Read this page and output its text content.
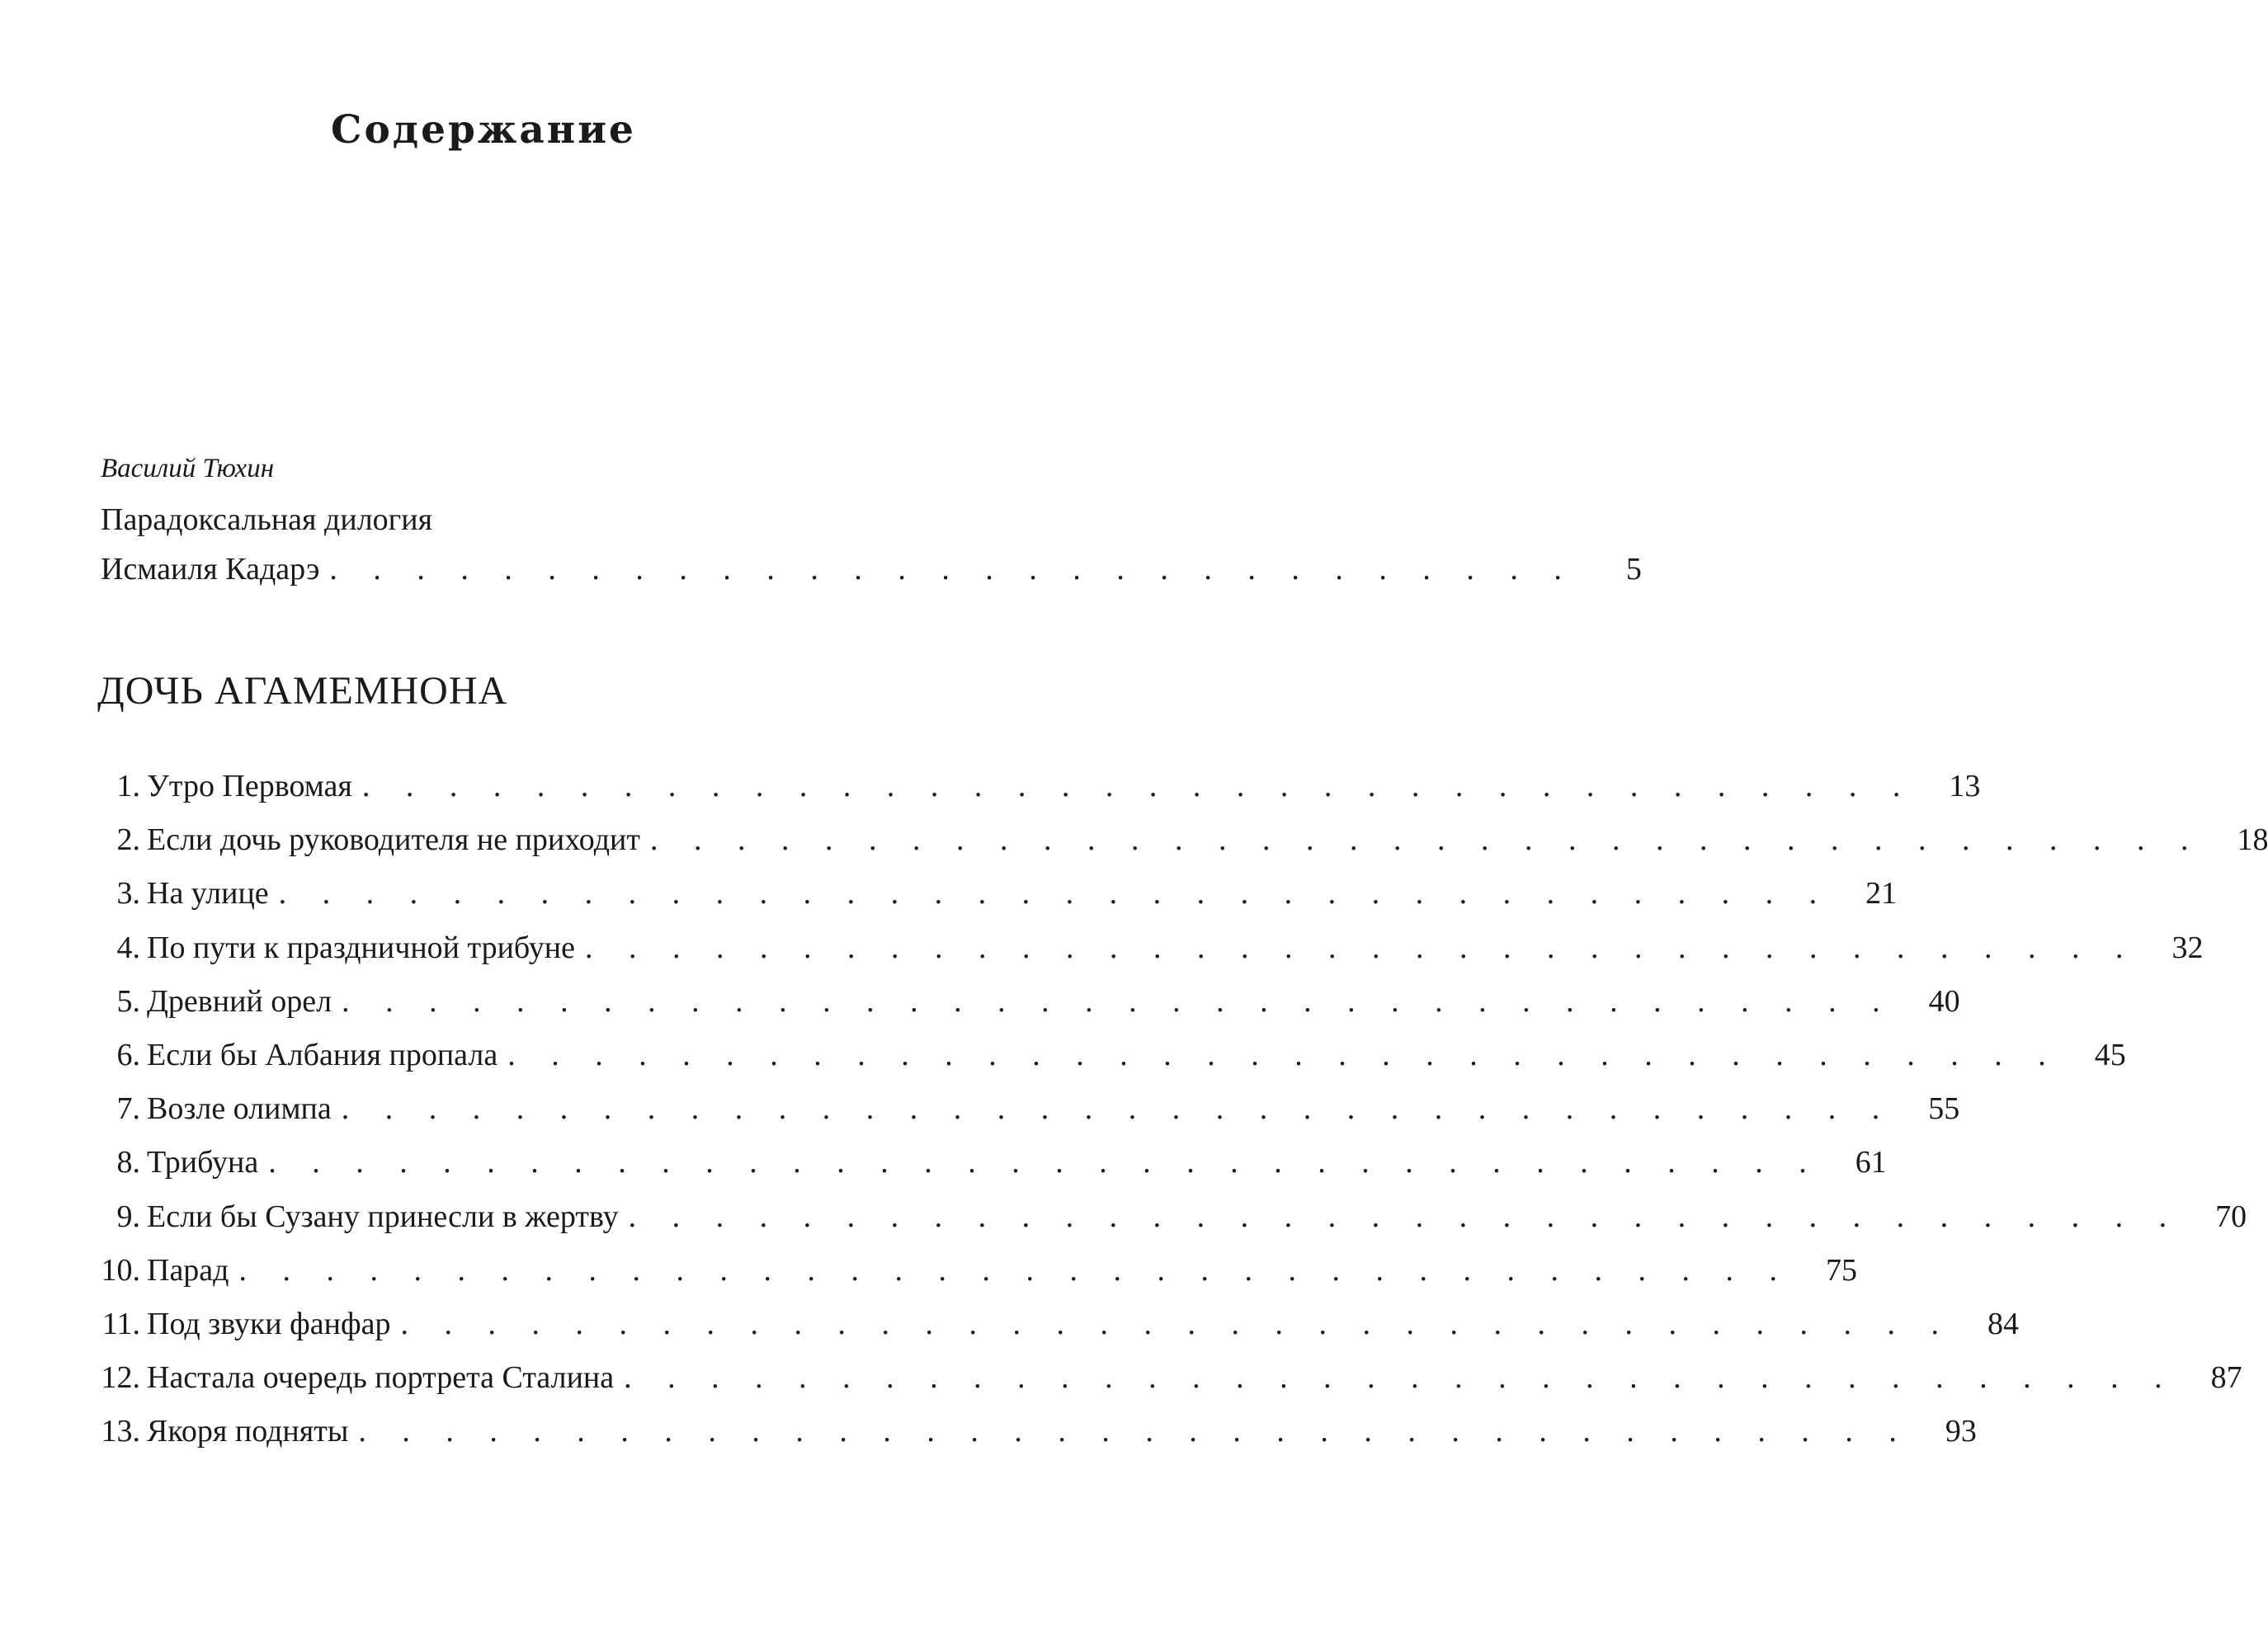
Содержание
Василий Тюхин
Парадоксальная дилогия
Исмаиля Кадарэ . . . . . . . . . . . . . . . . . . . . . . . . . . . . .	5
ДОЧЬ АГАМЕМНОНА
1. Утро Первомая . . . . . . . . . . . . . . . . . . . . . . . . . . . . . . . . . . . .	13
2. Если дочь руководителя не приходит . . . . . . . . . . . . . . . . . . . . . . . . . . . . . . . . . . . .	18
3. На улице . . . . . . . . . . . . . . . . . . . . . . . . . . . . . . . . . . . .	21
4. По пути к праздничной трибуне . . . . . . . . . . . . . . . . . . . . . . . . . . . . . . . . . . . .	32
5. Древний орел . . . . . . . . . . . . . . . . . . . . . . . . . . . . . . . . . . . .	40
6. Если бы Албания пропала . . . . . . . . . . . . . . . . . . . . . . . . . . . . . . . . . . . .	45
7. Возле олимпа . . . . . . . . . . . . . . . . . . . . . . . . . . . . . . . . . . . .	55
8. Трибуна . . . . . . . . . . . . . . . . . . . . . . . . . . . . . . . . . . . .	61
9. Если бы Сузану принесли в жертву . . . . . . . . . . . . . . . . . . . . . . . . . . . . . . . . . . . .	70
10. Парад . . . . . . . . . . . . . . . . . . . . . . . . . . . . . . . . . . . .	75
11. Под звуки фанфар . . . . . . . . . . . . . . . . . . . . . . . . . . . . . . . . . . . .	84
12. Настала очередь портрета Сталина . . . . . . . . . . . . . . . . . . . . . . . . . . . . . . . . . . . .	87
13. Якоря подняты . . . . . . . . . . . . . . . . . . . . . . . . . . . . . . . . . . . .	93
